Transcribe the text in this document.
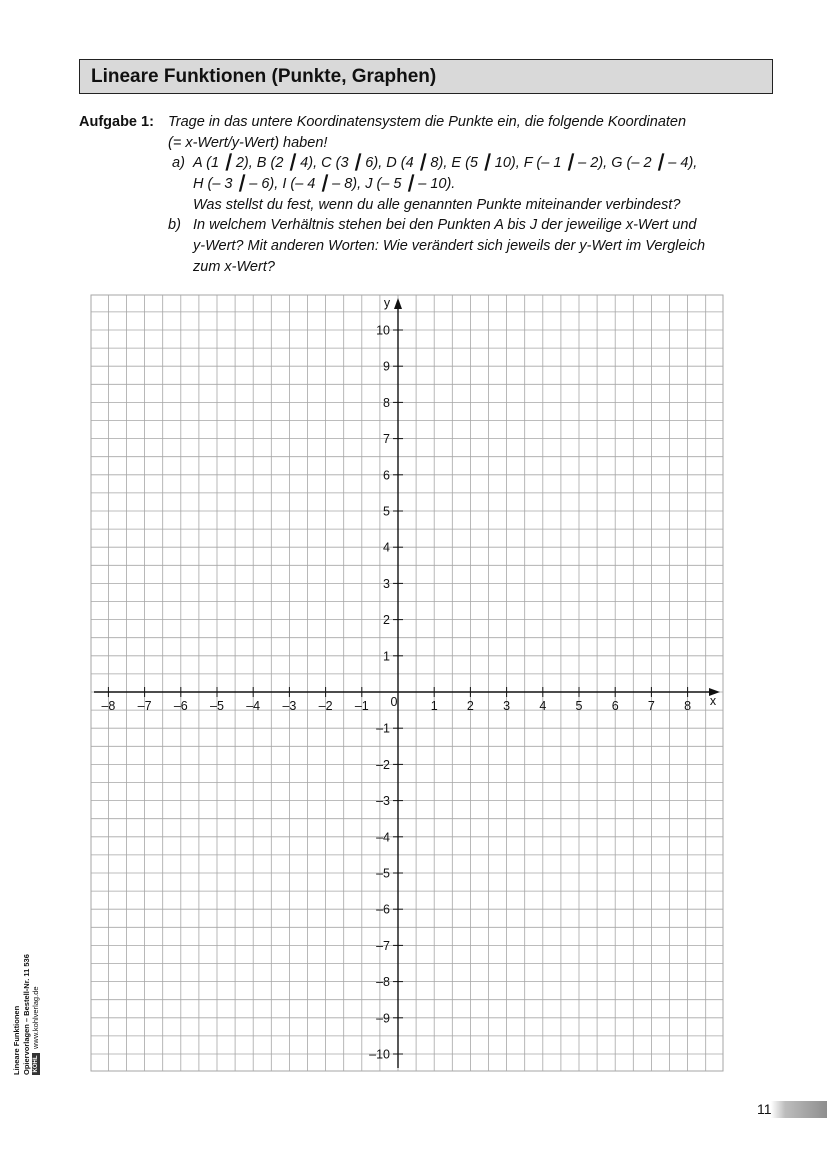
Lineare Funktionen (Punkte, Graphen)
Aufgabe 1: Trage in das untere Koordinatensystem die Punkte ein, die folgende Koordinaten
(= x-Wert/y-Wert) haben!
a) A (1 ┃ 2), B (2 ┃ 4), C (3 ┃ 6), D (4 ┃ 8), E (5 ┃ 10), F (– 1 ┃ – 2), G (– 2 ┃ – 4),
H (– 3 ┃ – 6), I (– 4 ┃ – 8), J (– 5 ┃ – 10).
Was stellst du fest, wenn du alle genannten Punkte miteinander verbindest?
b) In welchem Verhältnis stehen bei den Punkten A bis J der jeweilige x-Wert und
y-Wert? Mit anderen Worten: Wie verändert sich jeweils der y-Wert im Vergleich
zum x-Wert?
–8 –7 –6 –5 –4 –3 –2 –1	1 2 3 4 5 6 7 8
10
9
8
7
6
5
4
3
2
1
–1
–2
–3
–4
–5
–6
–7
–8
–9
–10
0	x
y
Lineare Funktionen Opiervorlagen – Bestell-Nr. 11 536 KOHL
www.kohlverlag.de
11
